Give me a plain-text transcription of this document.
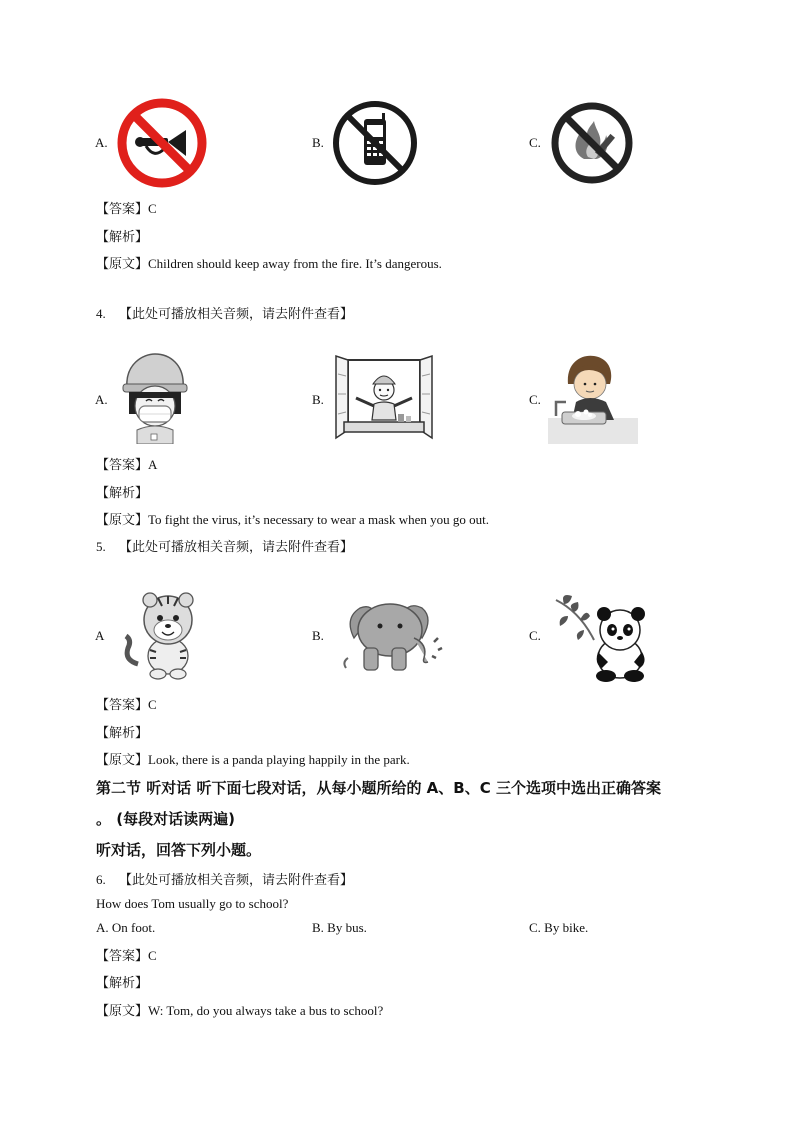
A.	B.	C.
【答案】C
【解析】
【原文】Children should keep away from the fire. It’s dangerous.
4. 【此处可播放相关音频，请去附件查看】
A.	B.	C.
【答案】A
【解析】
【原文】To fight the virus, it’s necessary to wear a mask when you go out.
5. 【此处可播放相关音频，请去附件查看】
A	B.	C.
【答案】C
【解析】
【原文】Look, there is a panda playing happily in the park.
第二节 听对话 听下面七段对话，从每小题所给的 A、B、C 三个选项中选出正确答案
。 (每段对话读两遍)
听对话，回答下列小题。
6. 【此处可播放相关音频，请去附件查看】
How does Tom usually go to school?
A. On foot.	B. By bus.	C. By bike.
【答案】C
【解析】
【原文】W: Tom, do you always take a bus to school?
